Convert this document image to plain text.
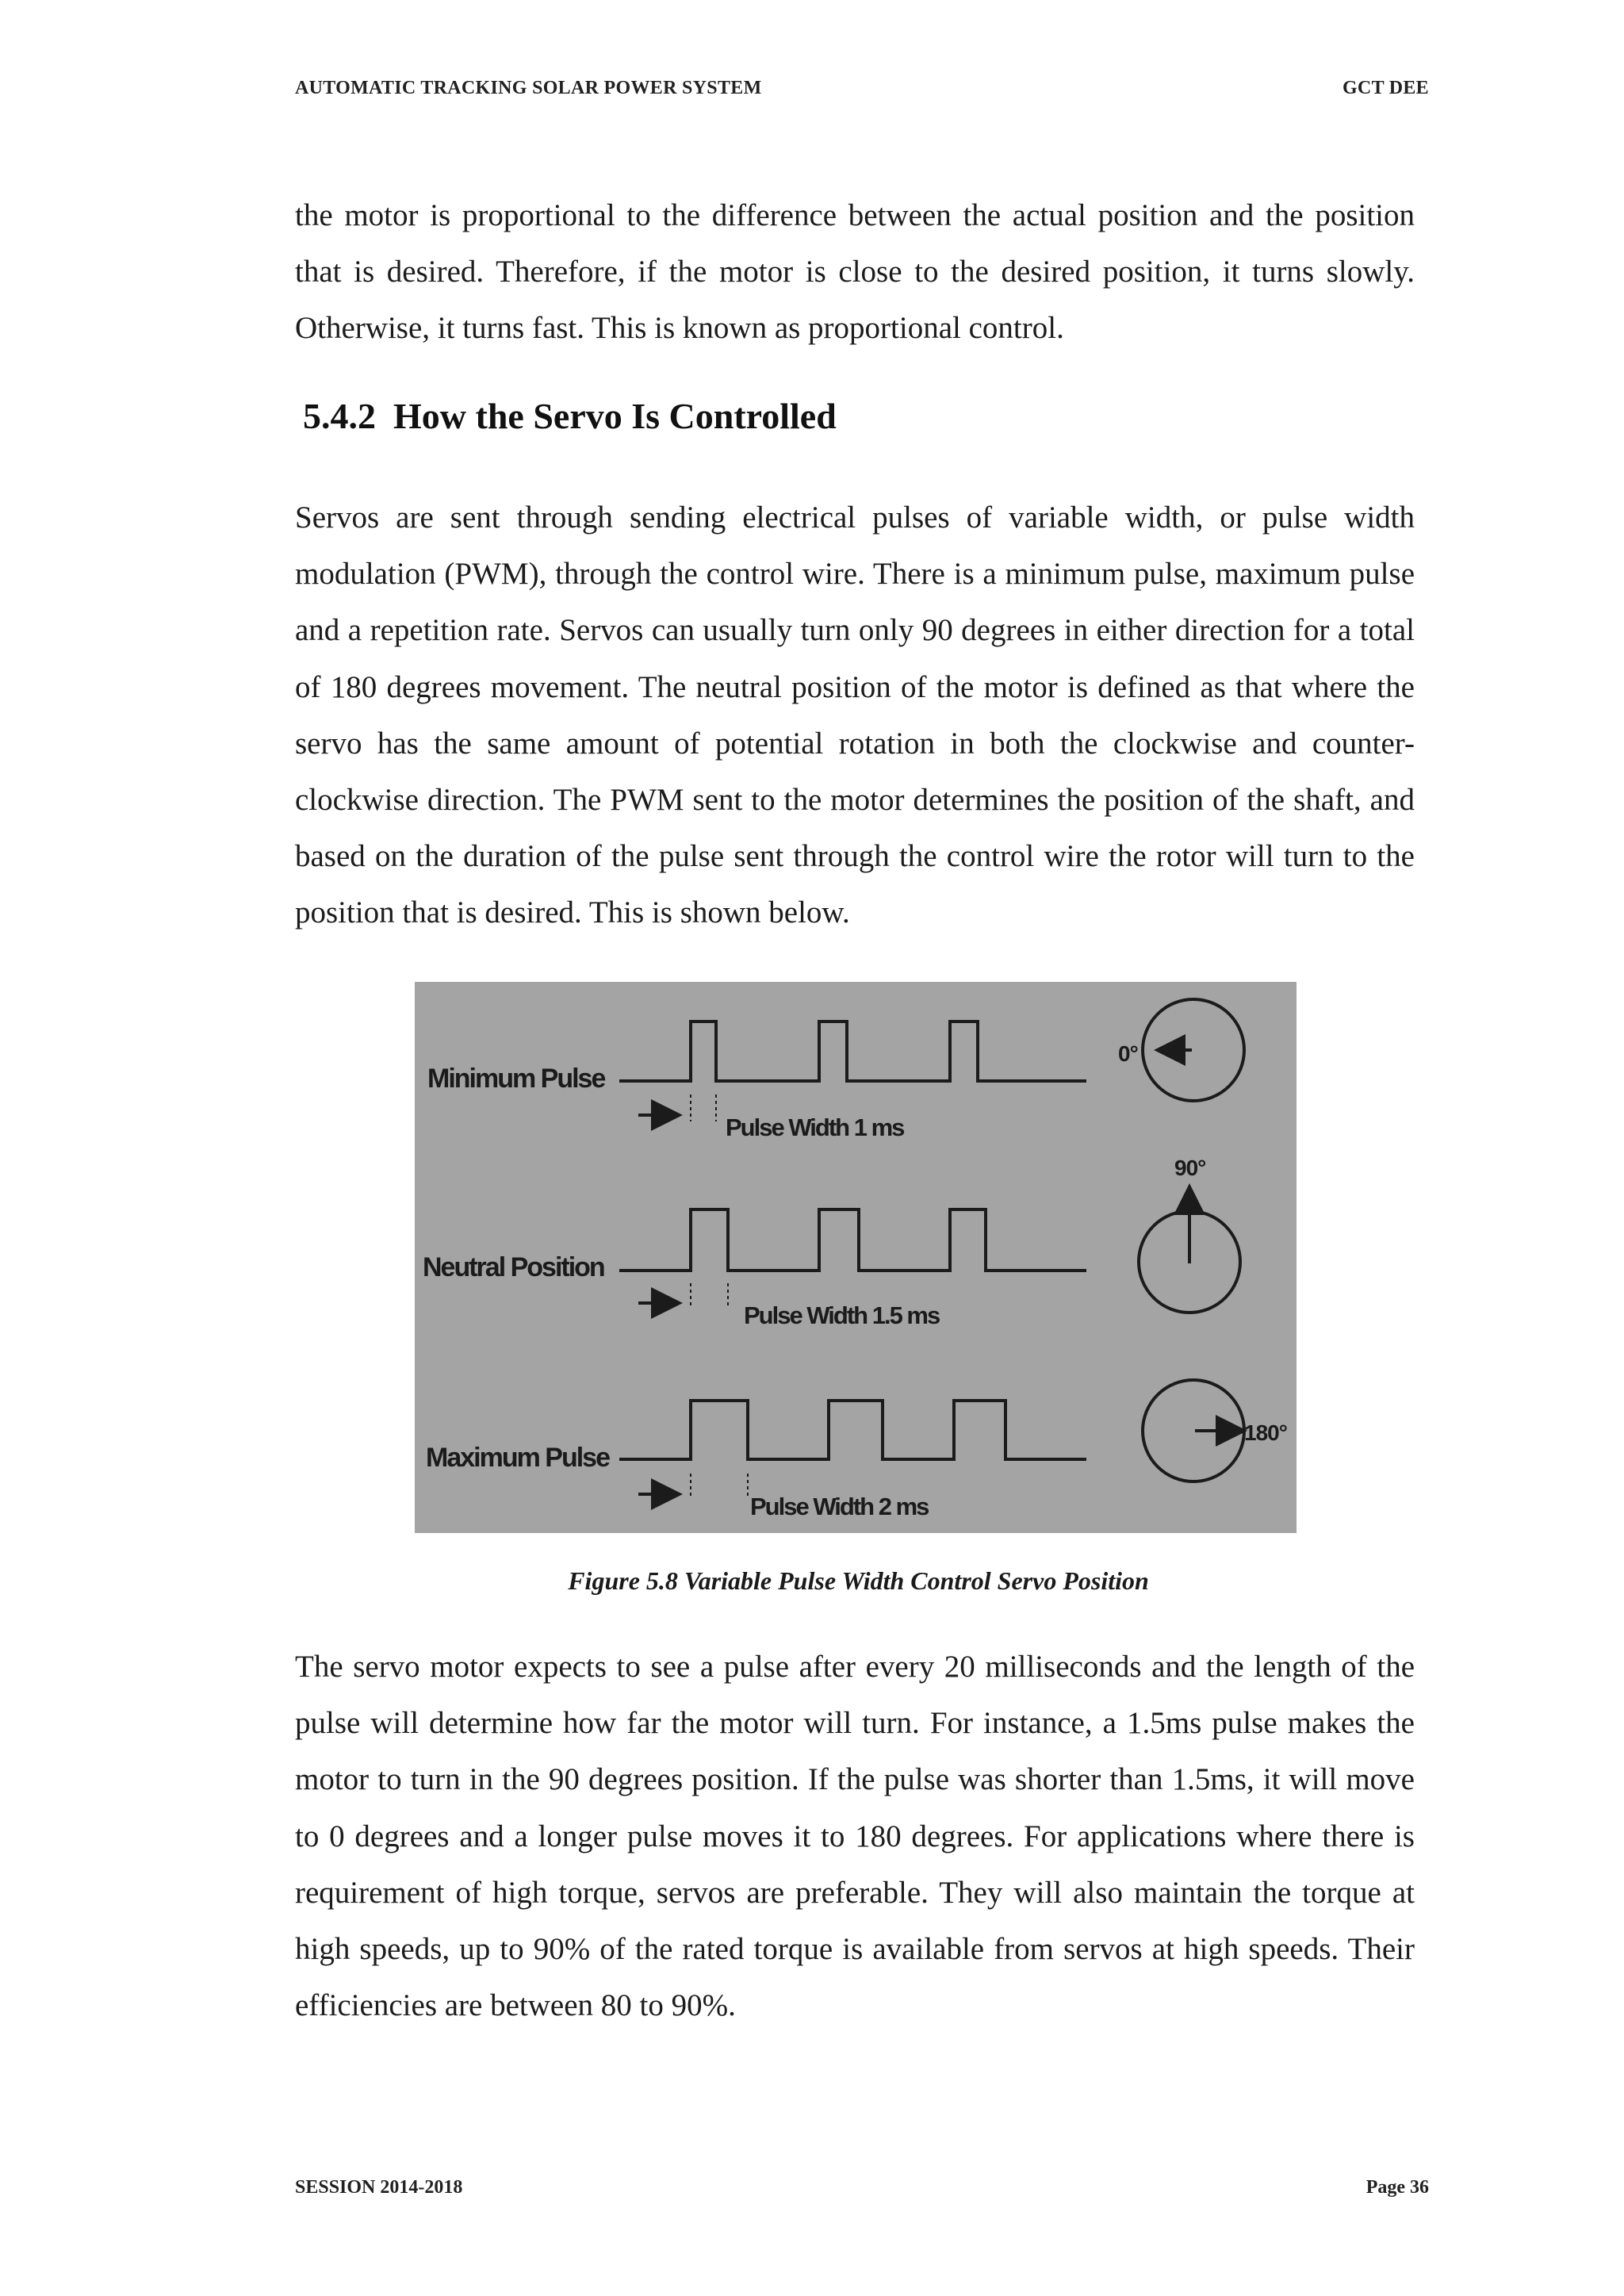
AUTOMATIC TRACKING SOLAR POWER SYSTEM	GCT DEE
the motor is proportional to the difference between the actual position and the position that is desired. Therefore, if the motor is close to the desired position, it turns slowly. Otherwise, it turns fast. This is known as proportional control.
5.4.2 How the Servo Is Controlled
Servos are sent through sending electrical pulses of variable width, or pulse width modulation (PWM), through the control wire. There is a minimum pulse, maximum pulse and a repetition rate. Servos can usually turn only 90 degrees in either direction for a total of 180 degrees movement. The neutral position of the motor is defined as that where the servo has the same amount of potential rotation in both the clockwise and counter-clockwise direction. The PWM sent to the motor determines the position of the shaft, and based on the duration of the pulse sent through the control wire the rotor will turn to the position that is desired. This is shown below.
Minimum Pulse
Pulse Width 1 ms
0°
Neutral Position
Pulse Width 1.5 ms
90°
Maximum Pulse
Pulse Width 2 ms
180°
Figure 5.8 Variable Pulse Width Control Servo Position
The servo motor expects to see a pulse after every 20 milliseconds and the length of the pulse will determine how far the motor will turn. For instance, a 1.5ms pulse makes the motor to turn in the 90 degrees position. If the pulse was shorter than 1.5ms, it will move to 0 degrees and a longer pulse moves it to 180 degrees. For applications where there is requirement of high torque, servos are preferable. They will also maintain the torque at high speeds, up to 90% of the rated torque is available from servos at high speeds. Their efficiencies are between 80 to 90%.
SESSION 2014-2018	Page 36
